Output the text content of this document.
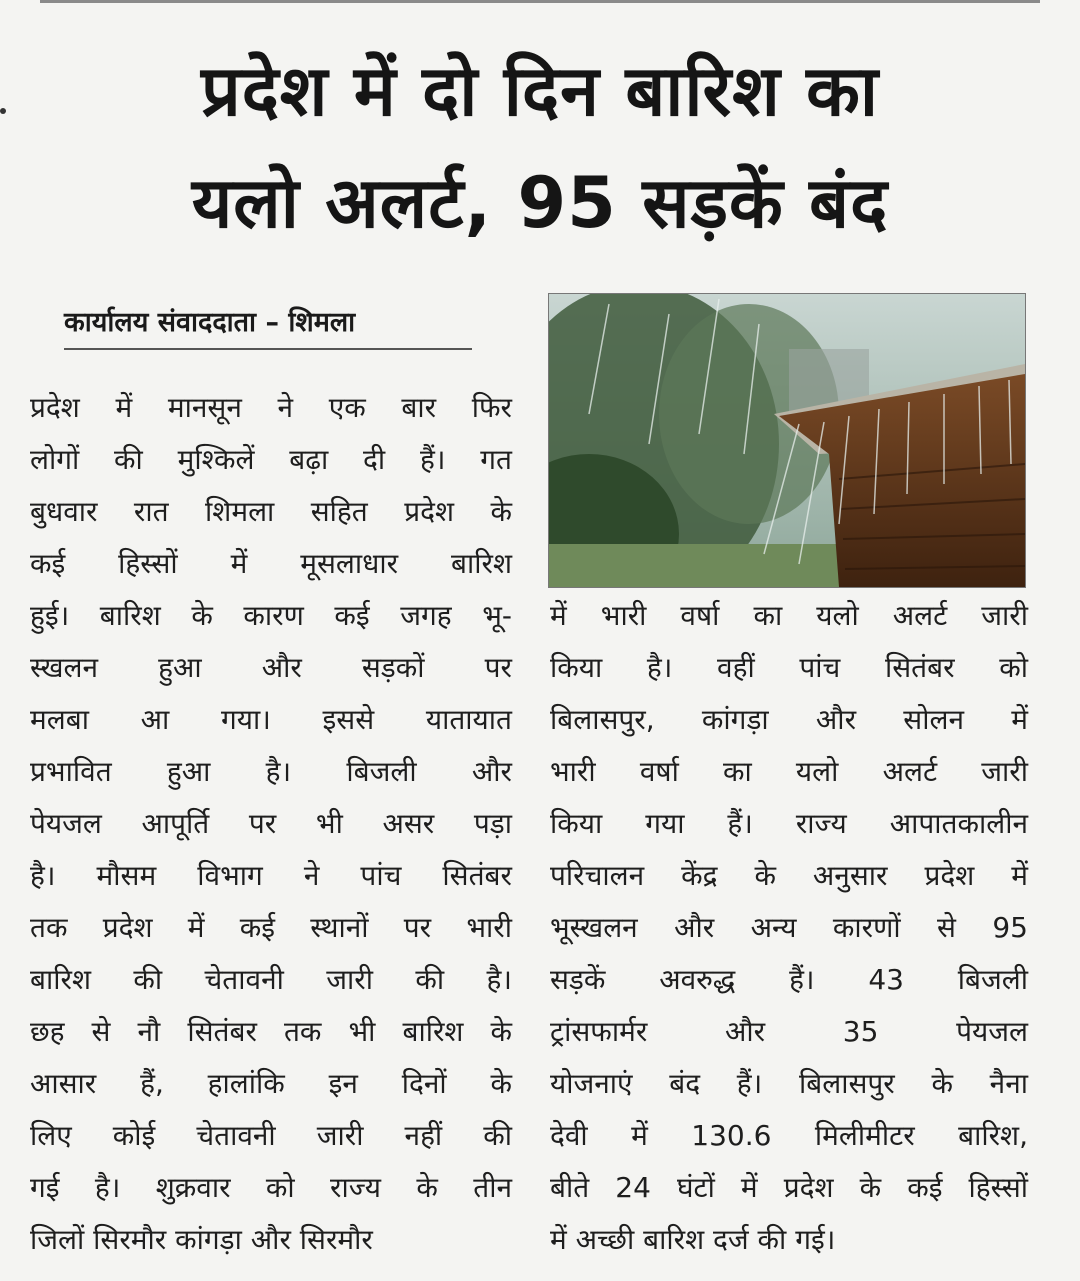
प्रदेश में दो दिन बारिश का
यलो अलर्ट, 95 सड़कें बंद
कार्यालय संवाददाता – शिमला
प्रदेश में मानसून ने एक बार फिर
लोगों की मुश्किलें बढ़ा दी हैं। गत
बुधवार रात शिमला सहित प्रदेश के
कई हिस्सों में मूसलाधार बारिश
हुई। बारिश के कारण कई जगह भू-
स्खलन हुआ और सड़कों पर
मलबा आ गया। इससे यातायात
प्रभावित हुआ है। बिजली और
पेयजल आपूर्ति पर भी असर पड़ा
है। मौसम विभाग ने पांच सितंबर
तक प्रदेश में कई स्थानों पर भारी
बारिश की चेतावनी जारी की है।
छह से नौ सितंबर तक भी बारिश के
आसार हैं, हालांकि इन दिनों के
लिए कोई चेतावनी जारी नहीं की
गई है। शुक्रवार को राज्य के तीन
जिलों सिरमौर कांगड़ा और सिरमौर
में भारी वर्षा का यलो अलर्ट जारी
किया है। वहीं पांच सितंबर को
बिलासपुर, कांगड़ा और सोलन में
भारी वर्षा का यलो अलर्ट जारी
किया गया हैं। राज्य आपातकालीन
परिचालन केंद्र के अनुसार प्रदेश में
भूस्खलन और अन्य कारणों से 95
सड़कें अवरुद्ध हैं। 43 बिजली
ट्रांसफार्मर और 35 पेयजल
योजनाएं बंद हैं। बिलासपुर के नैना
देवी में 130.6 मिलीमीटर बारिश,
बीते 24 घंटों में प्रदेश के कई हिस्सों
में अच्छी बारिश दर्ज की गई।
